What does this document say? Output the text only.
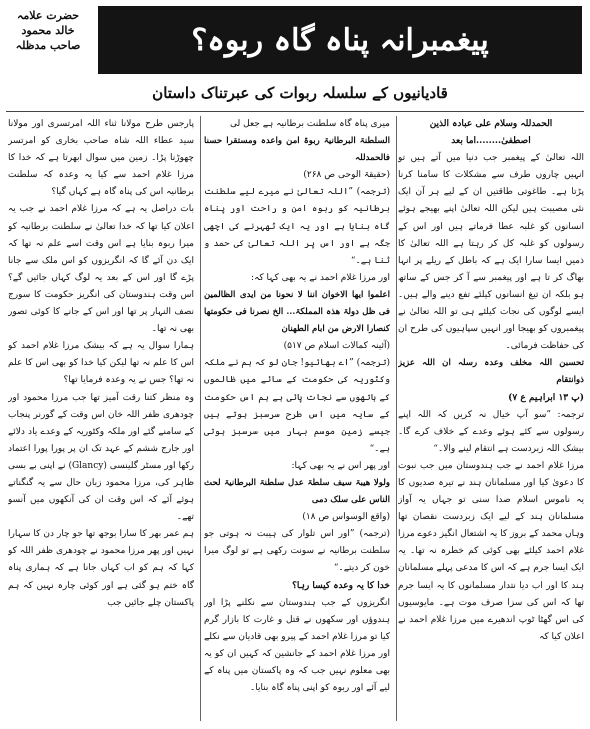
حضرت علامہ
خالد محمود
صاحب مدظلہ	پیغمبرانہ پناہ گاہ ربوہ؟
قادیانیوں کے سلسلہ ربوات کی عبرتناک داستان

الحمدللہ وسلام علی عبادہ الذین

اصطفیٰ........اما بعد

اللہ تعالیٰ کے پیغمبر جب دنیا میں آتے ہیں تو انہیں چاروں طرف سے مشکلات کا سامنا کرنا پڑتا ہے۔ طاغوتی طاقتیں ان کے لیے ہر آن ایک نئی مصیبت ہیں لیکن اللہ تعالیٰ اپنے بھیجے ہوئے انسانوں کو غلبہ عطا فرماتے ہیں اور اس کے رسولوں کو غلبہ کل کر رہتا ہے اللہ تعالیٰ کا ذمیں ایسا سارا ایک ہے کہ باطل کے ریلے پر انہا بھاگ کر تا ہے اور پیغمبر سے آ کر جس کے ساتھ ہو بلکہ ان تیغ انسانوں کیلئے تفع دینے والے ہیں۔ ایسے لوگوں کی نجات کیلئے ہی تو اللہ تعالیٰ نے پیغمبروں کو بھیجا اور انہیں سپاہیوں کی طرح ان کی حفاظت فرمائی۔

تحسبن اللہ مخلف وعدہ رسلہ ان اللہ عزیز ذوانتقام

(پ ۱۳ ابراہیم ع ۷)

ترجمہ: ”سو آپ خیال نہ کریں کہ اللہ اپنے رسولوں سے کئے ہوئے وعدے کے خلاف کرے گا۔ بیشک اللہ زبردست ہے انتقام لینے والا۔“

مرزا غلام احمد نے جب ہندوستان میں جب نبوت کا دعویٰ کیا اور مسلمانان ہند نے تیرہ صدیوں کا یہ ناموس اسلام صدا سنی تو جہاں یہ آواز مسلمانان ہند کے لیے ایک زبردست نقصان تھا وہاں محمد کے بروز کا یہ اشتعال انگیز دعوے مرزا غلام احمد کیلئے بھی کوئی کم خطرہ نہ تھا۔ یہ ایک ایسا جرم ہے کہ اس کا مدعی پہلے مسلمانان ہند کا اور اب دیا نتدار مسلمانوں کا یہ ایسا جرم تھا کہ اس کی سزا صرف موت ہے۔ مایوسیوں کی اس گھٹا ٹوپ اندھیرے میں مرزا غلام احمد نے اعلان کیا کہ

میری پناہ گاہ سلطنت برطانیہ ہے جعل لی

السلطنۃ البرطانیۃ ربوۃ امن واعدہ ومستقرا حسنا فالحمدللہ

(حقیقۃ الوحی ص ۲۶۸)

(ترجمہ) ”اللہ تعالیٰ نے میرے لیے سلطنت برطانیہ کو ربوہ امن و راحت اور پناہ گاہ بنایا ہے اور یہ ایک ٹھہرنے کی اچھی جگہ ہے اور اس پر اللہ تعالیٰ کی حمد و ثنا ہے۔“

اور مرزا غلام احمد نے یہ بھی کہا کہ:

اعلموا ایھا الاخوان اننا لا نحونا من ایدی الظالمین فی ظل دولۃ ھذہ المملکۃ... الخ نصرنا فی حکومتھا کنصارا الارض من ابام الطھنان

(آئینہ کمالات اسلام ص ۵۱۷)

(ترجمہ) ”اے بھائیو! جان لو کہ ہم نے ملکہ وکٹوریہ کی حکومت کے سائے میں ظالموں کے ہاتھوں سے نجات پائی ہے ہم اس حکومت کے سایہ میں اس طرح سرسبز ہوتے ہیں جیسے زمین موسم بہار میں سرسبز ہوتی ہے۔“

اور پھر اس نے یہ بھی کہا:

ولولا ھیبۃ سیف سلطۃ عدل سلطنۃ البرطانیۃ لحث الناس علی سلک دمی

(واقع الوسواس ص ۱۸)

(ترجمہ) ”اور اس تلوار کی ہیبت نہ ہوتی جو سلطنت برطانیہ نے سونت رکھی ہے تو لوگ میرا خون کر دیتے۔“

خدا کا یہ وعدہ کیسا رہا؟

انگریزوں کے جب ہندوستان سے نکلنے پڑا اور ہندوؤں اور سکھوں نے قتل و غارت کا بازار گرم کیا تو مرزا غلام احمد کے پیرو بھی قادیان سے نکلے اور مرزا غلام احمد کے جانشین کہ کہیں ان کو یہ بھی معلوم نہیں جب کہ وہ پاکستان میں پناہ کے لیے آئے اور ربوہ کو اپنی پناہ گاہ بنایا۔

پارجس طرح مولانا ثناء اللہ امرتسری اور مولانا سید عطاء اللہ شاہ صاحب بخاری کو امرتسر چھوڑنا پڑا۔ زمین میں سوال ابھرتا ہے کہ خدا کا مرزا غلام احمد سے کیا یہ وعدہ کہ سلطنت برطانیہ اس کی پناہ گاہ ہے کہاں گیا؟

بات دراصل یہ ہے کہ مرزا غلام احمد نے جب یہ اعلان کیا تھا کہ خدا تعالیٰ نے سلطنت برطانیہ کو میرا ربوہ بنایا ہے اس وقت اسے علم نہ تھا کہ ایک دن آئے گا کہ انگریزوں کو اس ملک سے جانا پڑے گا اور اس کے بعد یہ لوگ کہاں جائیں گے؟ اس وقت ہندوستان کی انگریز حکومت کا سورج نصف النہار پر تھا اور اس کے جانے کا کوئی تصور بھی نہ تھا۔

ہمارا سوال یہ ہے کہ بیشک مرزا غلام احمد کو اس کا علم نہ تھا لیکن کیا خدا کو بھی اس کا علم نہ تھا؟ جس نے یہ وعدہ فرمایا تھا؟

وہ منظر کتنا رقت آمیز تھا جب مرزا محمود اور چودھری ظفر اللہ خان اس وقت کے گورنر پنجاب کے سامنے گئے اور ملکہ وکٹوریہ کے وعدے یاد دلائے اور جارج ششم کے عہد تک ان پر پورا پورا اعتماد رکھا اور مسٹر گلینسی (Glancy) نے اپنی بے بسی ظاہر کی، مرزا محمود زبان حال سے یہ گنگناتے ہوئے آئے کہ اس وقت ان کی آنکھوں میں آنسو تھے۔

ہم عمر بھر کا سارا بوجھ تھا جو چار دن کا سہارا نہیں اور پھر مرزا محمود نے چودھری ظفر اللہ کو کہا کہ ہم کو اب کہاں جانا ہے کہ ہماری پناہ گاہ ختم ہو گئی ہے اور کوئی چارہ نہیں کہ ہم پاکستان چلے جائیں جب
